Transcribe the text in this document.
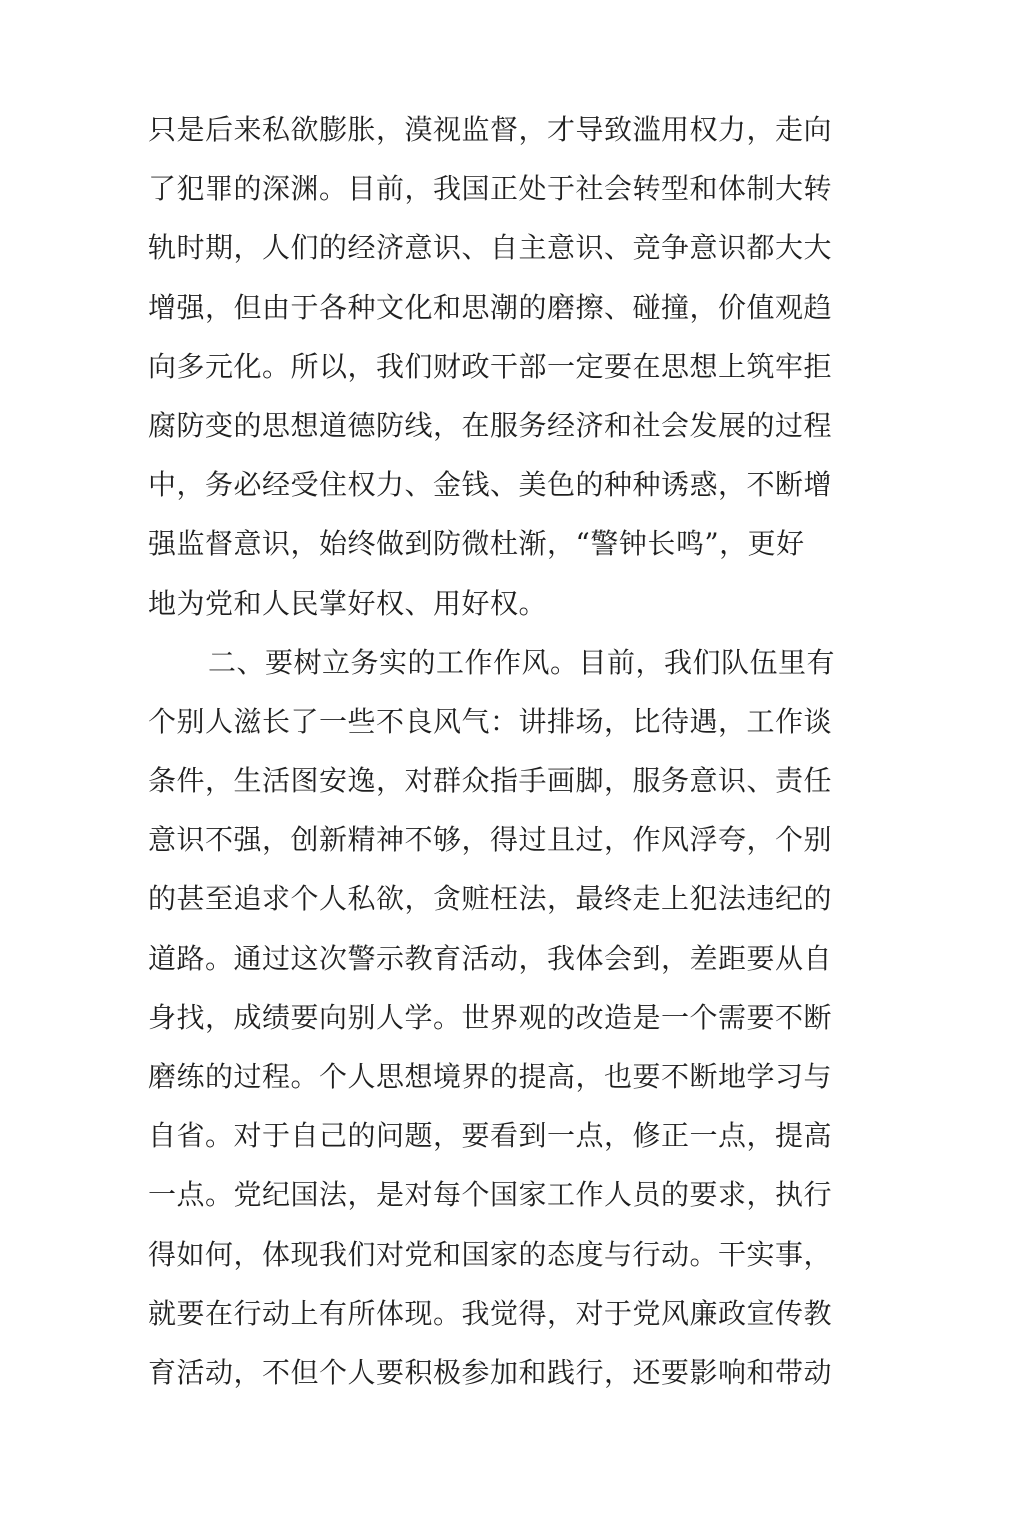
只是后来私欲膨胀，漠视监督，才导致滥用权力，走向
了犯罪的深渊。目前，我国正处于社会转型和体制大转
轨时期，人们的经济意识、自主意识、竞争意识都大大
增强，但由于各种文化和思潮的磨擦、碰撞，价值观趋
向多元化。所以，我们财政干部一定要在思想上筑牢拒
腐防变的思想道德防线，在服务经济和社会发展的过程
中，务必经受住权力、金钱、美色的种种诱惑，不断增
强监督意识，始终做到防微杜渐，“警钟长鸣”，更好
地为党和人民掌好权、用好权。
二、要树立务实的工作作风。目前，我们队伍里有
个别人滋长了一些不良风气：讲排场，比待遇，工作谈
条件，生活图安逸，对群众指手画脚，服务意识、责任
意识不强，创新精神不够，得过且过，作风浮夸，个别
的甚至追求个人私欲，贪赃枉法，最终走上犯法违纪的
道路。通过这次警示教育活动，我体会到，差距要从自
身找，成绩要向别人学。世界观的改造是一个需要不断
磨练的过程。个人思想境界的提高，也要不断地学习与
自省。对于自己的问题，要看到一点，修正一点，提高
一点。党纪国法，是对每个国家工作人员的要求，执行
得如何，体现我们对党和国家的态度与行动。干实事，
就要在行动上有所体现。我觉得，对于党风廉政宣传教
育活动，不但个人要积极参加和践行，还要影响和带动
